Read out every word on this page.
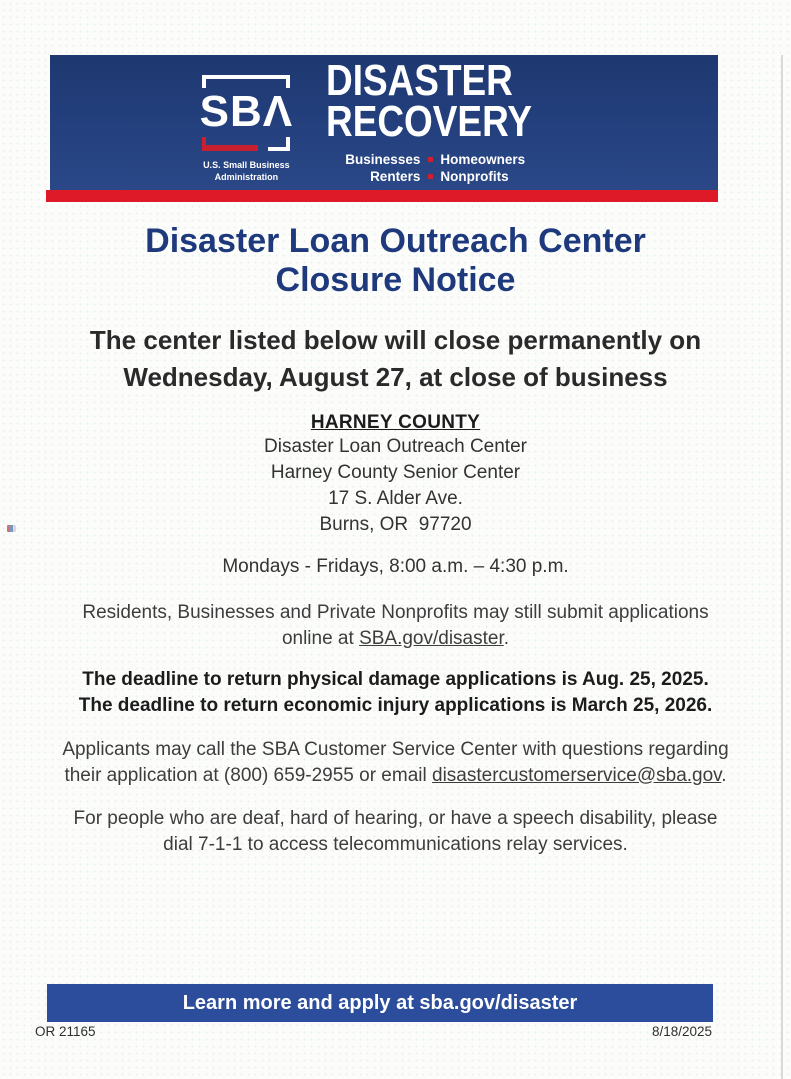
SBΛ
U.S. Small Business
Administration
DISASTER
RECOVERY
Businesses Homeowners
Renters Nonprofits
Disaster Loan Outreach Center
Closure Notice
The center listed below will close permanently on Wednesday, August 27, at close of business
HARNEY COUNTY
Disaster Loan Outreach Center
Harney County Senior Center
17 S. Alder Ave.
Burns, OR  97720
Mondays - Fridays, 8:00 a.m. – 4:30 p.m.
Residents, Businesses and Private Nonprofits may still submit applications online at SBA.gov/disaster.
The deadline to return physical damage applications is Aug. 25, 2025.
The deadline to return economic injury applications is March 25, 2026.
Applicants may call the SBA Customer Service Center with questions regarding their application at (800) 659-2955 or email disastercustomerservice@sba.gov.
For people who are deaf, hard of hearing, or have a speech disability, please dial 7-1-1 to access telecommunications relay services.
Learn more and apply at sba.gov/disaster
OR 21165	8/18/2025
